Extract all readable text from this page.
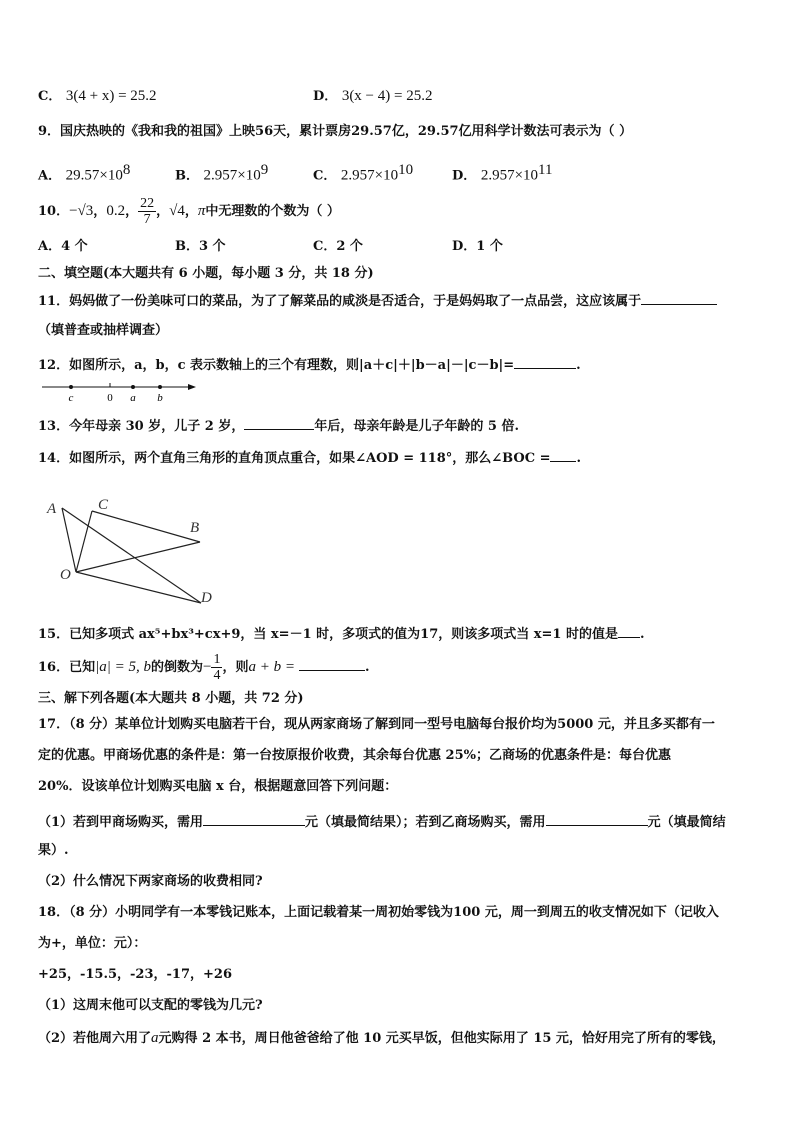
C． 3(4 + x) = 25.2	D． 3(x − 4) = 25.2
9．国庆热映的《我和我的祖国》上映56天，累计票房29.57亿，29.57亿用科学计数法可表示为（ ）
A． $29.57\times 10^8$	B． $2.957\times 10^9$	C． $2.957\times 10^{10}$	D． $2.957\times 10^{11}$
10．−√3，0.2， $\frac{22}{7}$ ，√4，π中无理数的个数为（ ）
A．4 个	B．3 个	C．2 个	D．1 个
二、填空题(本大题共有 6 小题，每小题 3 分，共 18 分)
11．妈妈做了一份美味可口的菜品，为了了解菜品的咸淡是否适合，于是妈妈取了一点品尝，这应该属于
（填普查或抽样调查）
12．如图所示，a，b，c 表示数轴上的三个有理数，则|a＋c|＋|b－a|－|c－b|=	.
c	0 a b
13．今年母亲 30 岁，儿子 2 岁，	年后，母亲年龄是儿子年龄的 5 倍.
14．如图所示，两个直角三角形的直角顶点重合，如果∠AOD = 118°，那么∠BOC = .
A	C
B
O
D
15．已知多项式 ax⁵+bx³+cx+9，当 x=－1 时，多项式的值为17，则该多项式当 x=1 时的值是 .
16．已知|a| = 5, b的倒数为− $\frac{1}{4}$ ，则a + b =	.
三、解下列各题(本大题共 8 小题，共 72 分)
17．（8 分）某单位计划购买电脑若干台，现从两家商场了解到同一型号电脑每台报价均为5000 元，并且多买都有一
定的优惠。甲商场优惠的条件是：第一台按原报价收费，其余每台优惠 25%；乙商场的优惠条件是：每台优惠
20%．设该单位计划购买电脑 x 台，根据题意回答下列问题：
（1）若到甲商场购买，需用	元（填最简结果）；若到乙商场购买，需用	元（填最简结
果）.
（2）什么情况下两家商场的收费相同?
18．（8 分）小明同学有一本零钱记账本，上面记载着某一周初始零钱为100 元，周一到周五的收支情况如下（记收入
为+，单位：元）：
+25，-15.5，-23，-17，+26
（1）这周末他可以支配的零钱为几元?
（2）若他周六用了a元购得 2 本书，周日他爸爸给了他 10 元买早饭，但他实际用了 15 元，恰好用完了所有的零钱，
